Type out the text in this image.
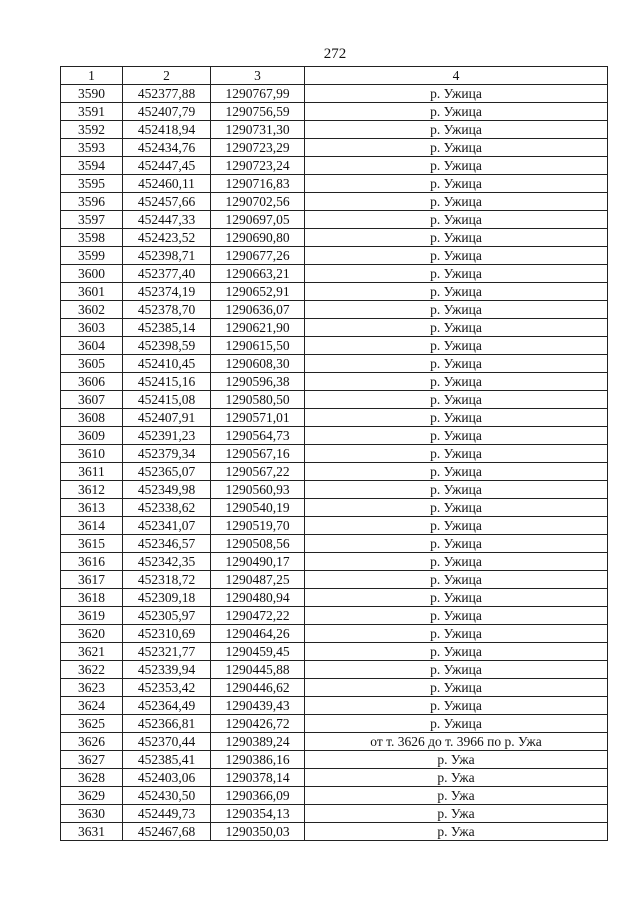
272
1	2	3	4
3590	452377,88	1290767,99	р. Ужица
3591	452407,79	1290756,59	р. Ужица
3592	452418,94	1290731,30	р. Ужица
3593	452434,76	1290723,29	р. Ужица
3594	452447,45	1290723,24	р. Ужица
3595	452460,11	1290716,83	р. Ужица
3596	452457,66	1290702,56	р. Ужица
3597	452447,33	1290697,05	р. Ужица
3598	452423,52	1290690,80	р. Ужица
3599	452398,71	1290677,26	р. Ужица
3600	452377,40	1290663,21	р. Ужица
3601	452374,19	1290652,91	р. Ужица
3602	452378,70	1290636,07	р. Ужица
3603	452385,14	1290621,90	р. Ужица
3604	452398,59	1290615,50	р. Ужица
3605	452410,45	1290608,30	р. Ужица
3606	452415,16	1290596,38	р. Ужица
3607	452415,08	1290580,50	р. Ужица
3608	452407,91	1290571,01	р. Ужица
3609	452391,23	1290564,73	р. Ужица
3610	452379,34	1290567,16	р. Ужица
3611	452365,07	1290567,22	р. Ужица
3612	452349,98	1290560,93	р. Ужица
3613	452338,62	1290540,19	р. Ужица
3614	452341,07	1290519,70	р. Ужица
3615	452346,57	1290508,56	р. Ужица
3616	452342,35	1290490,17	р. Ужица
3617	452318,72	1290487,25	р. Ужица
3618	452309,18	1290480,94	р. Ужица
3619	452305,97	1290472,22	р. Ужица
3620	452310,69	1290464,26	р. Ужица
3621	452321,77	1290459,45	р. Ужица
3622	452339,94	1290445,88	р. Ужица
3623	452353,42	1290446,62	р. Ужица
3624	452364,49	1290439,43	р. Ужица
3625	452366,81	1290426,72	р. Ужица
3626	452370,44	1290389,24	от т. 3626 до т. 3966 по р. Ужа
3627	452385,41	1290386,16	р. Ужа
3628	452403,06	1290378,14	р. Ужа
3629	452430,50	1290366,09	р. Ужа
3630	452449,73	1290354,13	р. Ужа
3631	452467,68	1290350,03	р. Ужа
